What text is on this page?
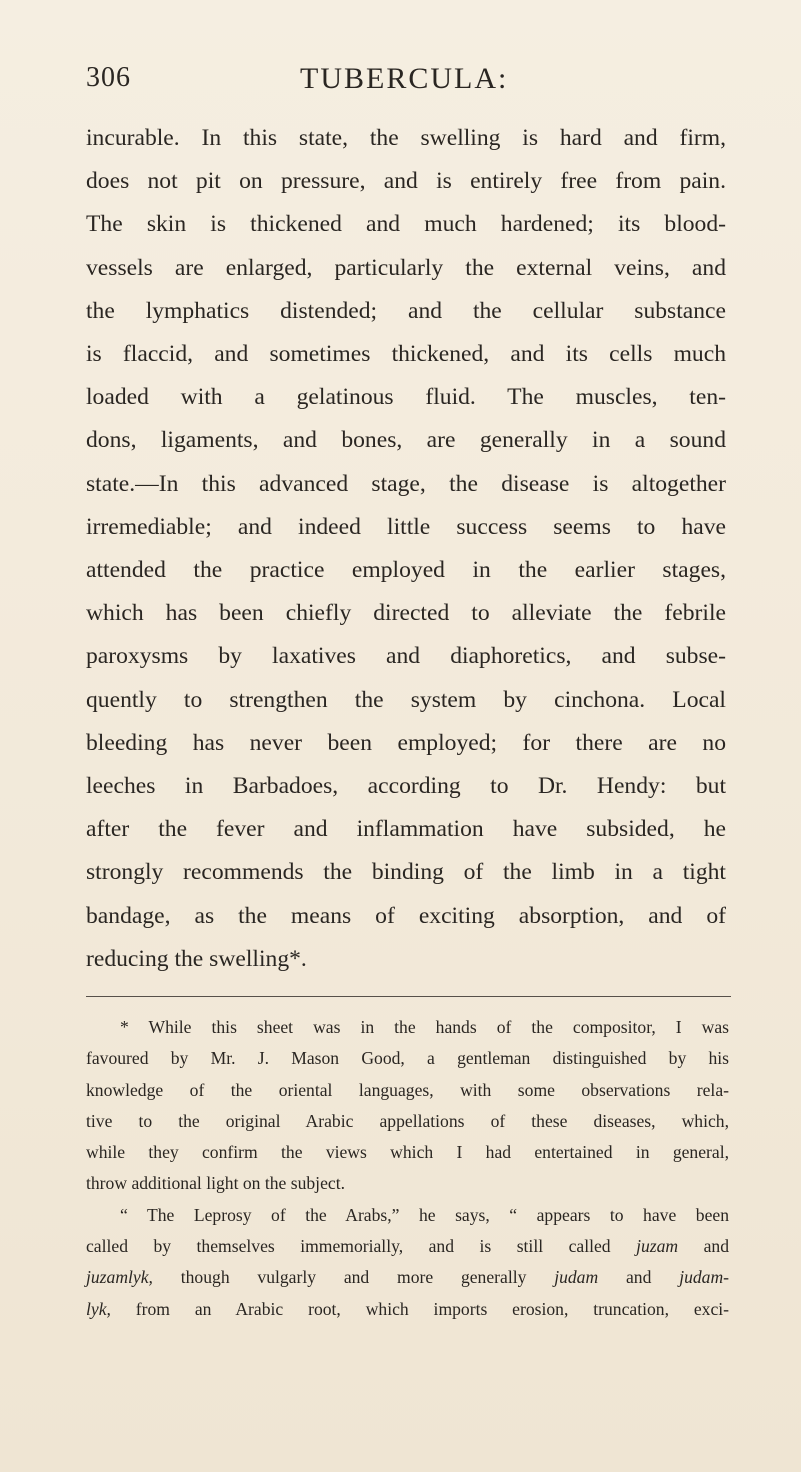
306	TUBERCULA:
incurable. In this state, the swelling is hard and firm,
does not pit on pressure, and is entirely free from pain.
The skin is thickened and much hardened; its blood-
vessels are enlarged, particularly the external veins, and
the lymphatics distended; and the cellular substance
is flaccid, and sometimes thickened, and its cells much
loaded with a gelatinous fluid. The muscles, ten-
dons, ligaments, and bones, are generally in a sound
state.—In this advanced stage, the disease is altogether
irremediable; and indeed little success seems to have
attended the practice employed in the earlier stages,
which has been chiefly directed to alleviate the febrile
paroxysms by laxatives and diaphoretics, and subse-
quently to strengthen the system by cinchona. Local
bleeding has never been employed; for there are no
leeches in Barbadoes, according to Dr. Hendy: but
after the fever and inflammation have subsided, he
strongly recommends the binding of the limb in a tight
bandage, as the means of exciting absorption, and of
reducing the swelling*.
* While this sheet was in the hands of the compositor, I was
favoured by Mr. J. Mason Good, a gentleman distinguished by his
knowledge of the oriental languages, with some observations rela-
tive to the original Arabic appellations of these diseases, which,
while they confirm the views which I had entertained in general,
throw additional light on the subject.
“ The Leprosy of the Arabs,” he says, “ appears to have been
called by themselves immemorially, and is still called juzam and
juzamlyk, though vulgarly and more generally judam and judam-
lyk, from an Arabic root, which imports erosion, truncation, exci-
